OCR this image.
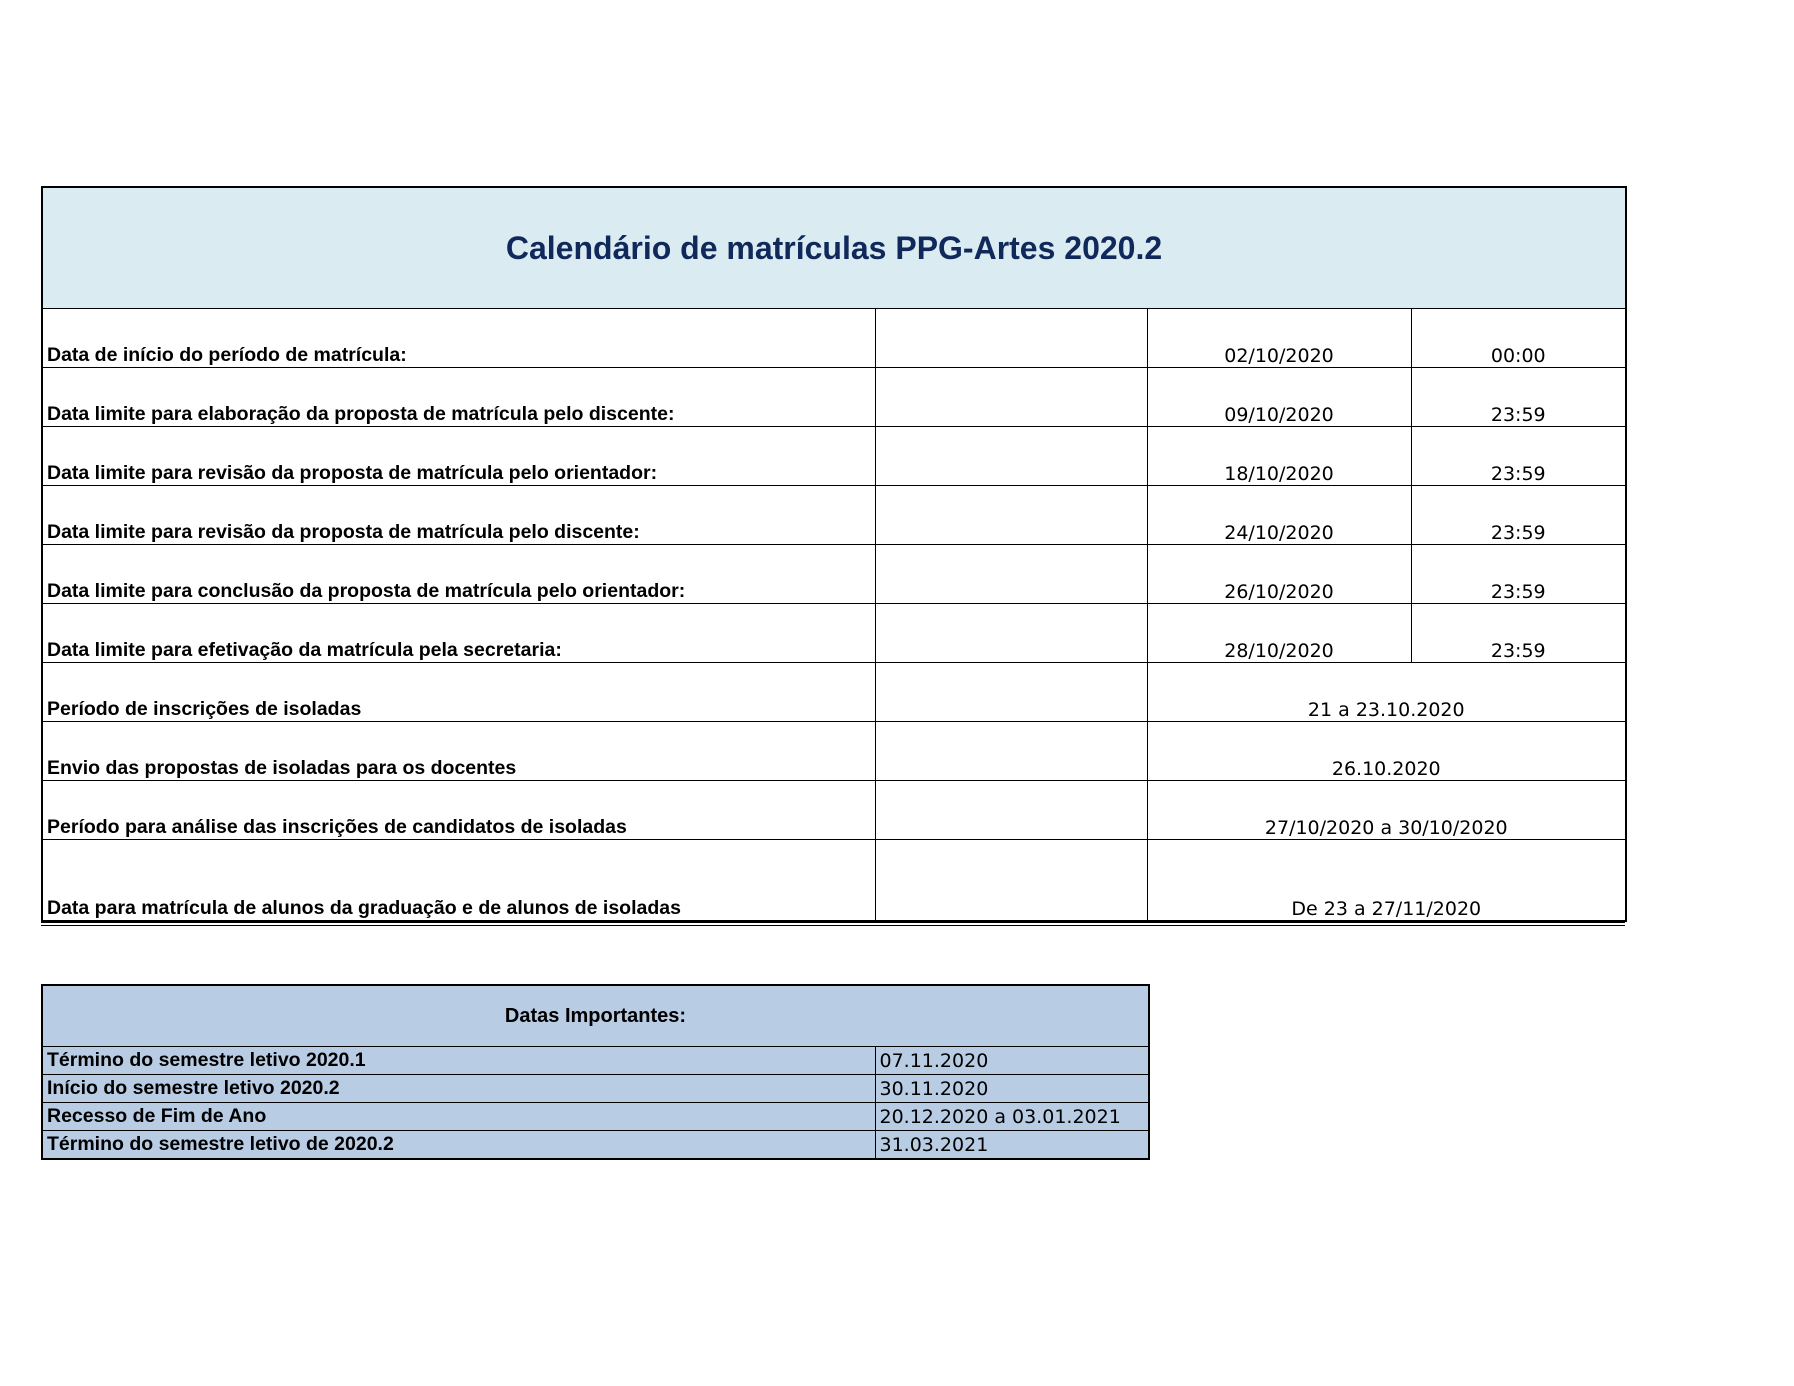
Calendário de matrículas PPG-Artes 2020.2			
Data de início do período de matrícula:		02/10/2020	00:00
Data limite para elaboração da proposta de matrícula pelo discente:		09/10/2020	23:59
Data limite para revisão da proposta de matrícula pelo orientador:		18/10/2020	23:59
Data limite para revisão da proposta de matrícula pelo discente:		24/10/2020	23:59
Data limite para conclusão da proposta de matrícula pelo orientador:		26/10/2020	23:59
Data limite para efetivação da matrícula pela secretaria:		28/10/2020	23:59
Período de inscrições de isoladas		21 a 23.10.2020	
Envio das propostas de isoladas para os docentes		26.10.2020	
Período para análise das inscrições de candidatos de isoladas		27/10/2020 a 30/10/2020	
Data para matrícula de alunos da graduação e de alunos de isoladas		De 23 a 27/11/2020	
Datas Importantes:	
Término do semestre letivo 2020.1	07.11.2020
Início do semestre letivo 2020.2	30.11.2020
Recesso de Fim de Ano	20.12.2020 a 03.01.2021
Término do semestre letivo de 2020.2	31.03.2021
